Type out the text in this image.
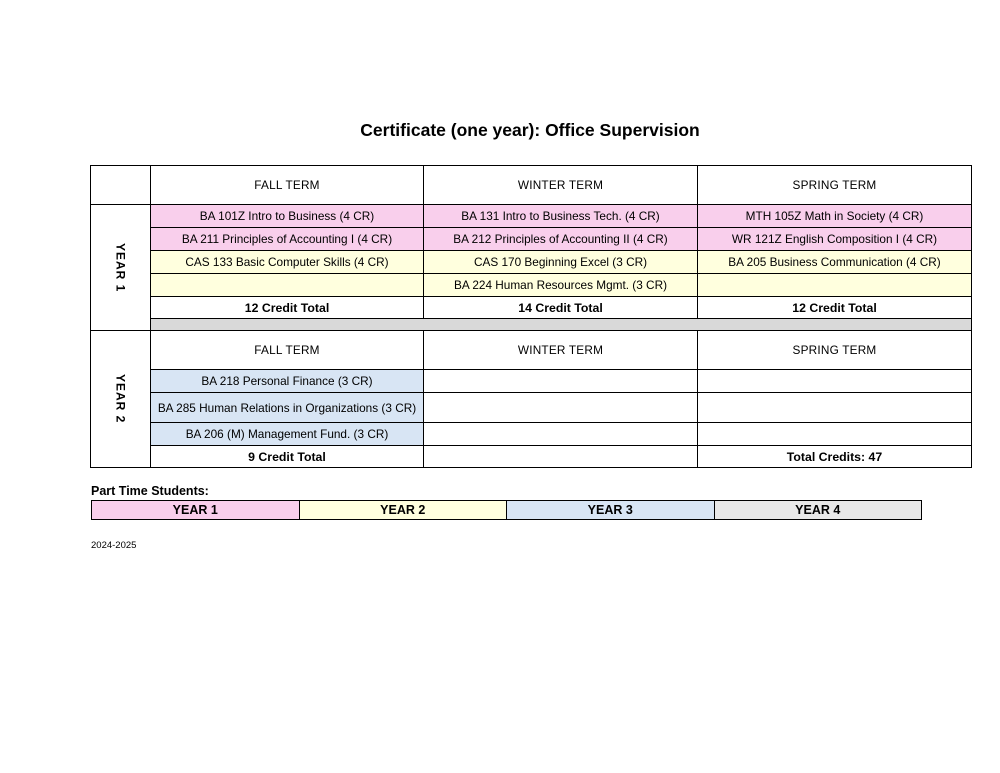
Certificate (one year): Office Supervision
	FALL TERM	WINTER TERM	SPRING TERM

YEAR 1	BA 101Z Intro to Business (4 CR)	BA 131 Intro to Business Tech. (4 CR)	MTH 105Z Math in Society (4 CR)
	BA 211 Principles of Accounting I (4 CR)	BA 212 Principles of Accounting II (4 CR)	WR 121Z English Composition I (4 CR)
	CAS 133 Basic Computer Skills (4 CR)	CAS 170 Beginning Excel (3 CR)	BA 205 Business Communication (4 CR)
		BA 224 Human Resources Mgmt. (3 CR)	
	12 Credit Total	14 Credit Total	12 Credit Total

YEAR 2	FALL TERM	WINTER TERM	SPRING TERM
	BA 218 Personal Finance (3 CR)		
	BA 285 Human Relations in Organizations (3 CR)		
	BA 206 (M) Management Fund. (3 CR)		
	9 Credit Total		Total Credits: 47
Part Time Students:
YEAR 1	YEAR 2	YEAR 3	YEAR 4
2024-2025
